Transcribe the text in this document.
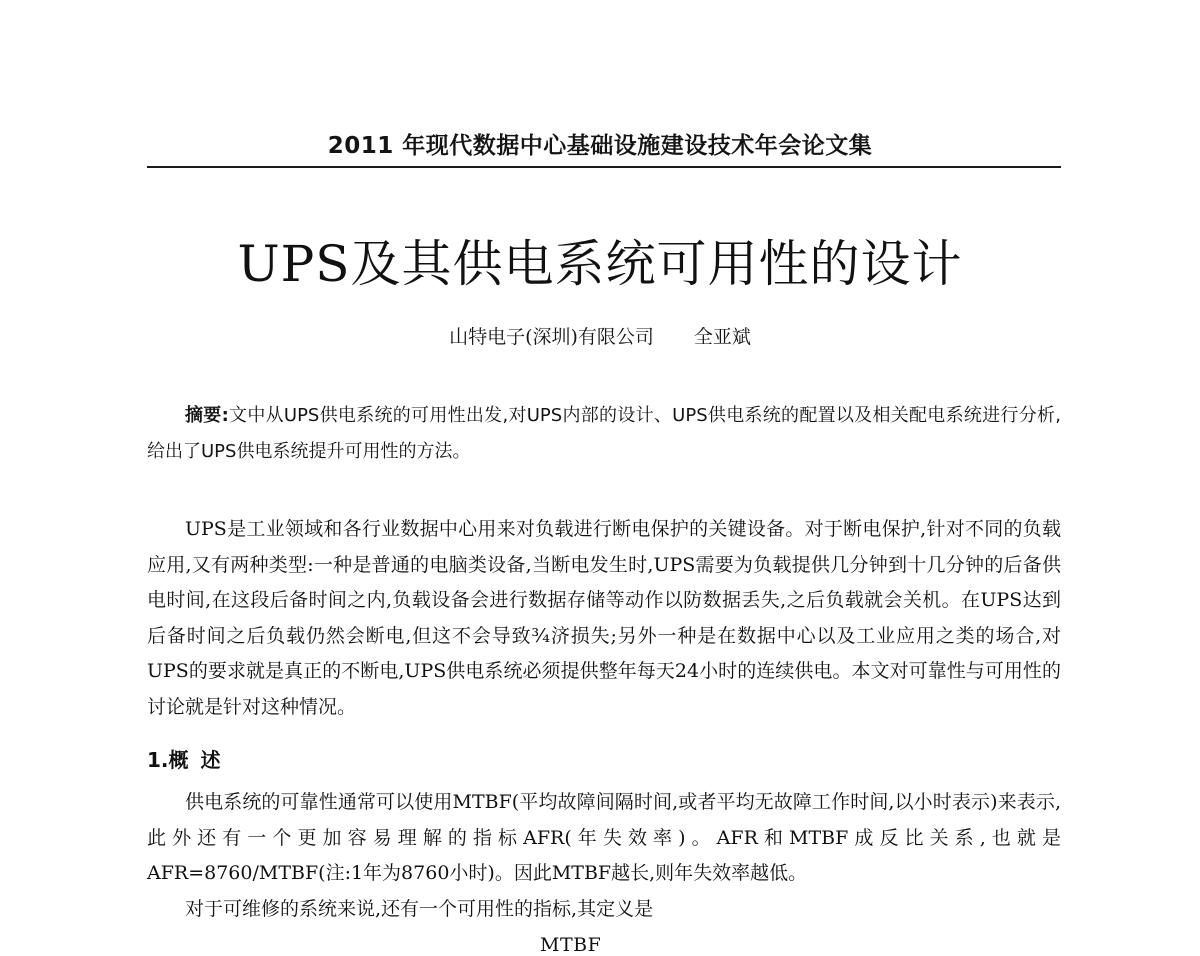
2011 年现代数据中心基础设施建设技术年会论文集
UPS及其供电系统可用性的设计
山特电子(深圳)有限公司 全亚斌

摘要:文中从UPS供电系统的可用性出发,对UPS内部的设计、UPS供电系统的配置以及相关配电系统进行分析,给出了UPS供电系统提升可用性的方法。

UPS是工业领域和各行业数据中心用来对负载进行断电保护的关键设备。对于断电保护,针对不同的负载应用,又有两种类型:一种是普通的电脑类设备,当断电发生时,UPS需要为负载提供几分钟到十几分钟的后备供电时间,在这段后备时间之内,负载设备会进行数据存储等动作以防数据丢失,之后负载就会关机。在UPS达到后备时间之后负载仍然会断电,但这不会导致¾济损失;另外一种是在数据中心以及工业应用之类的场合,对UPS的要求就是真正的不断电,UPS供电系统必须提供整年每天24小时的连续供电。本文对可靠性与可用性的讨论就是针对这种情况。

1.概 述

供电系统的可靠性通常可以使用MTBF(平均故障间隔时间,或者平均无故障工作时间,以小时表示)来表示,此外还有一个更加容易理解的指标AFR(年失效率)。AFR和MTBF成反比关系,也就是AFR=8760/MTBF(注:1年为8760小时)。因此MTBF越长,则年失效率越低。

对于可维修的系统来说,还有一个可用性的指标,其定义是

MTBF
